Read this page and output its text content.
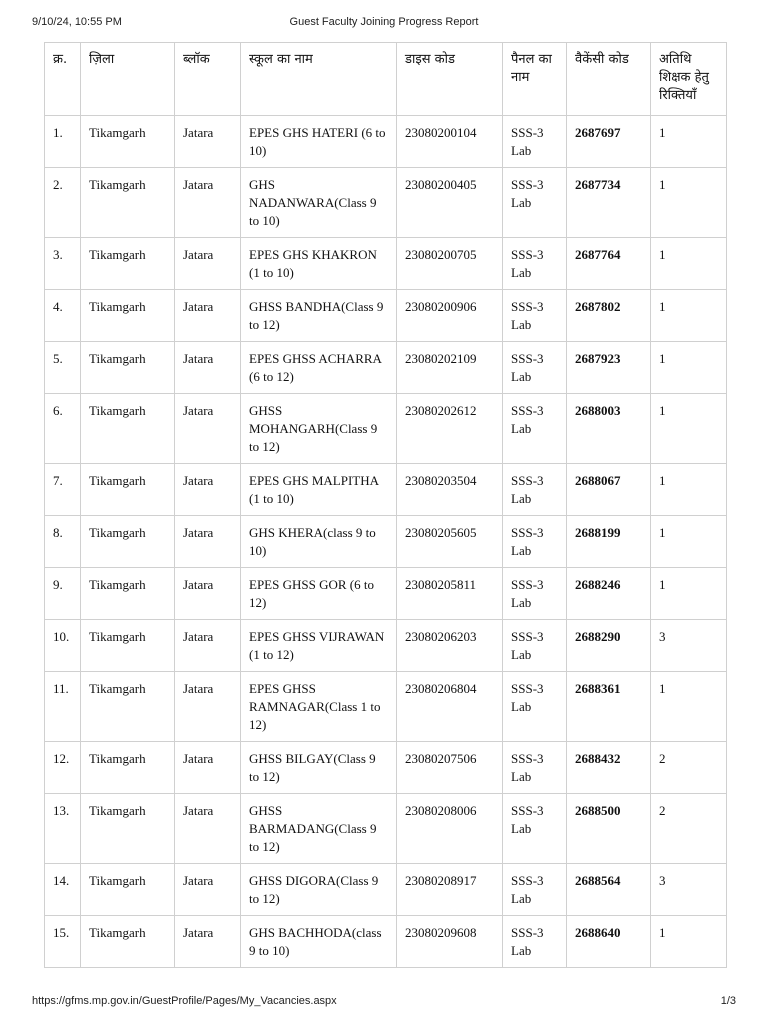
9/10/24, 10:55 PM	Guest Faculty Joining Progress Report
क्र.	ज़िला	ब्लॉक	स्कूल का नाम	डाइस कोड	पैनल का नाम	वैकेंसी कोड	अतिथि शिक्षक हेतु रिक्तियाँ
1.	Tikamgarh	Jatara	EPES GHS HATERI (6 to 10)	23080200104	SSS-3 Lab	2687697	1
2.	Tikamgarh	Jatara	GHS NADANWARA(Class 9 to 10)	23080200405	SSS-3 Lab	2687734	1
3.	Tikamgarh	Jatara	EPES GHS KHAKRON (1 to 10)	23080200705	SSS-3 Lab	2687764	1
4.	Tikamgarh	Jatara	GHSS BANDHA(Class 9 to 12)	23080200906	SSS-3 Lab	2687802	1
5.	Tikamgarh	Jatara	EPES GHSS ACHARRA (6 to 12)	23080202109	SSS-3 Lab	2687923	1
6.	Tikamgarh	Jatara	GHSS MOHANGARH(Class 9 to 12)	23080202612	SSS-3 Lab	2688003	1
7.	Tikamgarh	Jatara	EPES GHS MALPITHA (1 to 10)	23080203504	SSS-3 Lab	2688067	1
8.	Tikamgarh	Jatara	GHS KHERA(class 9 to 10)	23080205605	SSS-3 Lab	2688199	1
9.	Tikamgarh	Jatara	EPES GHSS GOR (6 to 12)	23080205811	SSS-3 Lab	2688246	1
10.	Tikamgarh	Jatara	EPES GHSS VIJRAWAN (1 to 12)	23080206203	SSS-3 Lab	2688290	3
11.	Tikamgarh	Jatara	EPES GHSS RAMNAGAR(Class 1 to 12)	23080206804	SSS-3 Lab	2688361	1
12.	Tikamgarh	Jatara	GHSS BILGAY(Class 9 to 12)	23080207506	SSS-3 Lab	2688432	2
13.	Tikamgarh	Jatara	GHSS BARMADANG(Class 9 to 12)	23080208006	SSS-3 Lab	2688500	2
14.	Tikamgarh	Jatara	GHSS DIGORA(Class 9 to 12)	23080208917	SSS-3 Lab	2688564	3
15.	Tikamgarh	Jatara	GHS BACHHODA(class 9 to 10)	23080209608	SSS-3 Lab	2688640	1
https://gfms.mp.gov.in/GuestProfile/Pages/My_Vacancies.aspx	1/3
